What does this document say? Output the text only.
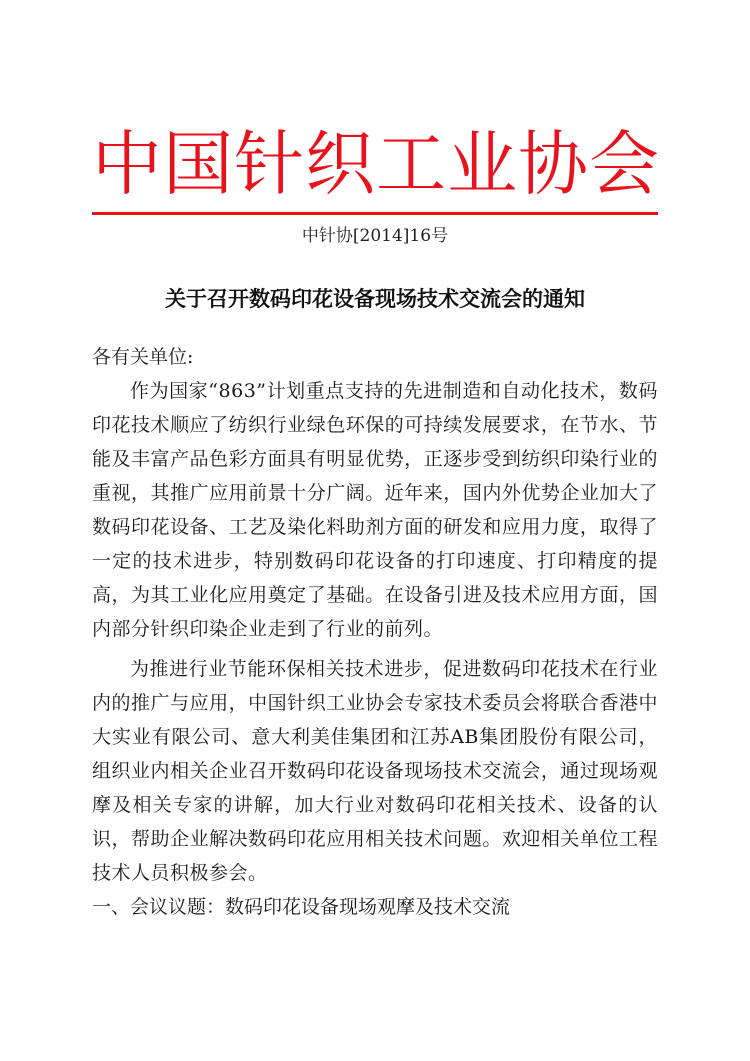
中国针织工业协会
中针协[2014]16号
关于召开数码印花设备现场技术交流会的通知

各有关单位:

作为国家“863”计划重点支持的先进制造和自动化技术，数码印花技术顺应了纺织行业绿色环保的可持续发展要求，在节水、节能及丰富产品色彩方面具有明显优势，正逐步受到纺织印染行业的重视，其推广应用前景十分广阔。近年来，国内外优势企业加大了数码印花设备、工艺及染化料助剂方面的研发和应用力度，取得了一定的技术进步，特别数码印花设备的打印速度、打印精度的提高，为其工业化应用奠定了基础。在设备引进及技术应用方面，国内部分针织印染企业走到了行业的前列。

为推进行业节能环保相关技术进步，促进数码印花技术在行业内的推广与应用，中国针织工业协会专家技术委员会将联合香港中大实业有限公司、意大利美佳集团和江苏AB集团股份有限公司，组织业内相关企业召开数码印花设备现场技术交流会，通过现场观摩及相关专家的讲解，加大行业对数码印花相关技术、设备的认识，帮助企业解决数码印花应用相关技术问题。欢迎相关单位工程技术人员积极参会。

一、会议议题：数码印花设备现场观摩及技术交流
